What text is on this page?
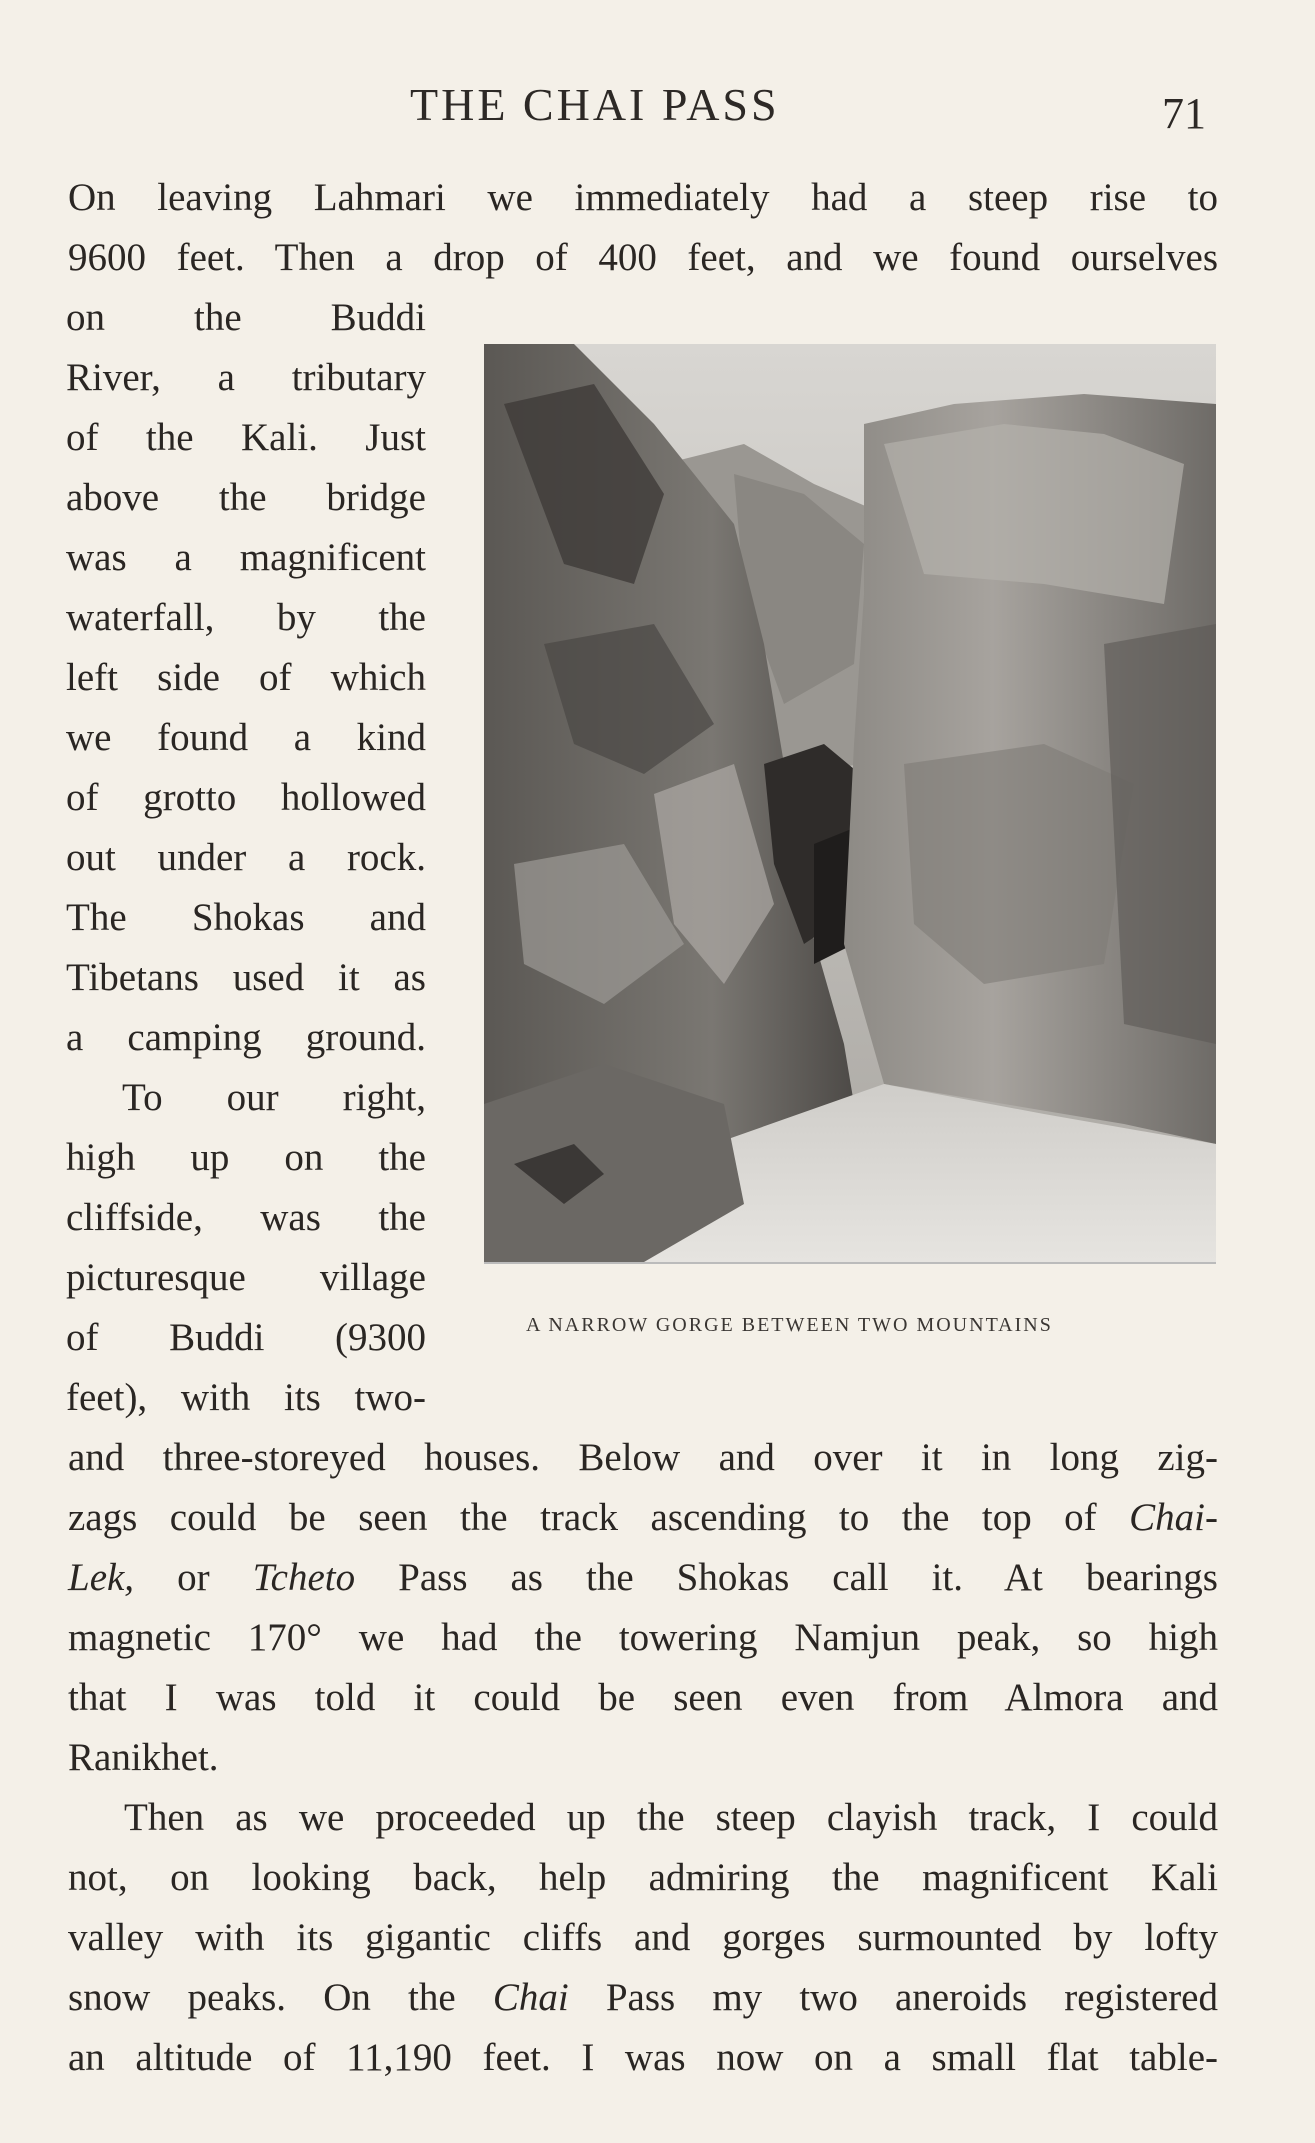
THE CHAI PASS	71
On leaving Lahmari we immediately had a steep rise to
9600 feet. Then a drop of 400 feet, and we found ourselves
on the Buddi
River, a tributary
of the Kali. Just
above the bridge
was a magnificent
waterfall, by the
left side of which
we found a kind
of grotto hollowed
out under a rock.
The Shokas and
Tibetans used it as
a camping ground.
To our right,
high up on the
cliffside, was the
picturesque village
of Buddi (9300
feet), with its two-
A NARROW GORGE BETWEEN TWO MOUNTAINS
and three-storeyed houses. Below and over it in long zig-
zags could be seen the track ascending to the top of Chai-
Lek, or Tcheto Pass as the Shokas call it. At bearings
magnetic 170° we had the towering Namjun peak, so high
that I was told it could be seen even from Almora and
Ranikhet.
Then as we proceeded up the steep clayish track, I could
not, on looking back, help admiring the magnificent Kali
valley with its gigantic cliffs and gorges surmounted by lofty
snow peaks. On the Chai Pass my two aneroids registered
an altitude of 11,190 feet. I was now on a small flat table-
